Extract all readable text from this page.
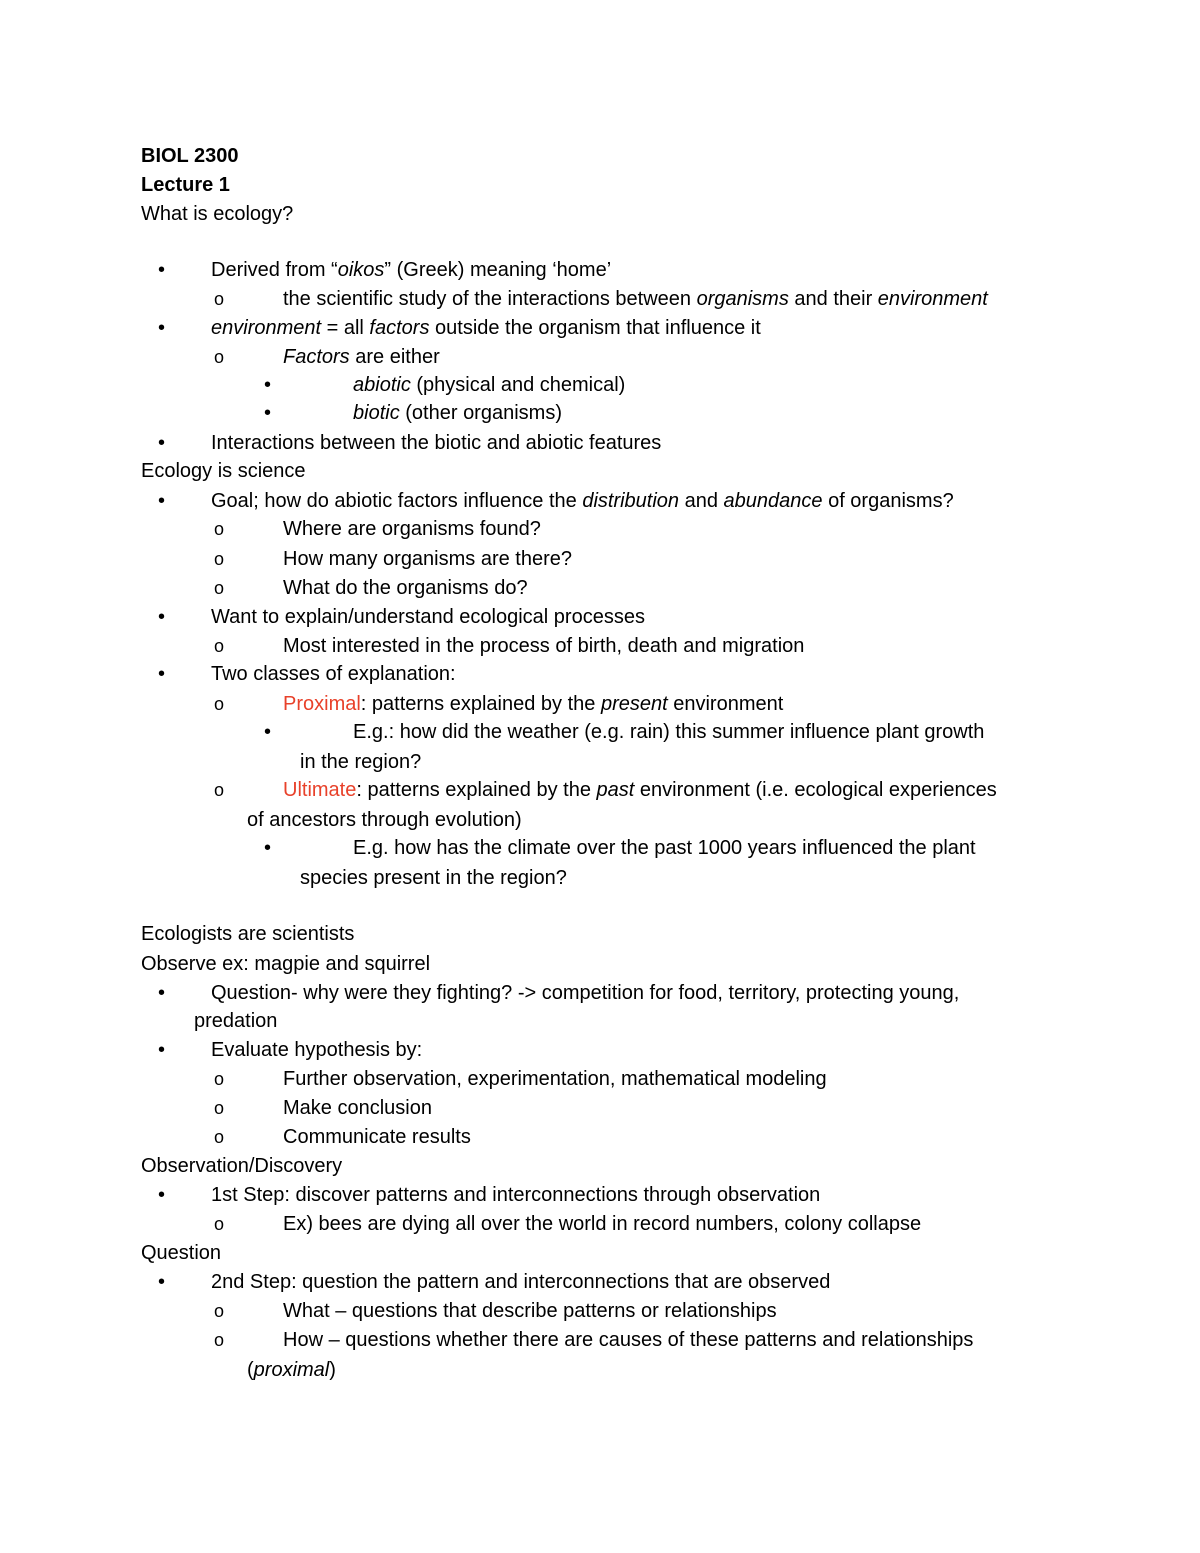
BIOL 2300
Lecture 1
What is ecology?
• Derived from “oikos” (Greek) meaning ‘home’
o	the scientific study of the interactions between organisms and their environment
• environment = all factors outside the organism that influence it
o	Factors are either
•	abiotic (physical and chemical)
•	biotic (other organisms)
• Interactions between the biotic and abiotic features
Ecology is science
• Goal; how do abiotic factors influence the distribution and abundance of organisms?
o	Where are organisms found?
o	How many organisms are there?
o	What do the organisms do?
• Want to explain/understand ecological processes
o	Most interested in the process of birth, death and migration
• Two classes of explanation:
o	Proximal: patterns explained by the present environment
•	E.g.: how did the weather (e.g. rain) this summer influence plant growth
in the region?
o	Ultimate: patterns explained by the past environment (i.e. ecological experiences
of ancestors through evolution)
•	E.g. how has the climate over the past 1000 years influenced the plant
species present in the region?
Ecologists are scientists
Observe ex: magpie and squirrel
• Question- why were they fighting? -> competition for food, territory, protecting young,
predation
• Evaluate hypothesis by:
o	Further observation, experimentation, mathematical modeling
o	Make conclusion
o	Communicate results
Observation/Discovery
• 1st Step: discover patterns and interconnections through observation
o	Ex) bees are dying all over the world in record numbers, colony collapse
Question
• 2nd Step: question the pattern and interconnections that are observed
o	What – questions that describe patterns or relationships
o	How – questions whether there are causes of these patterns and relationships
(proximal)
